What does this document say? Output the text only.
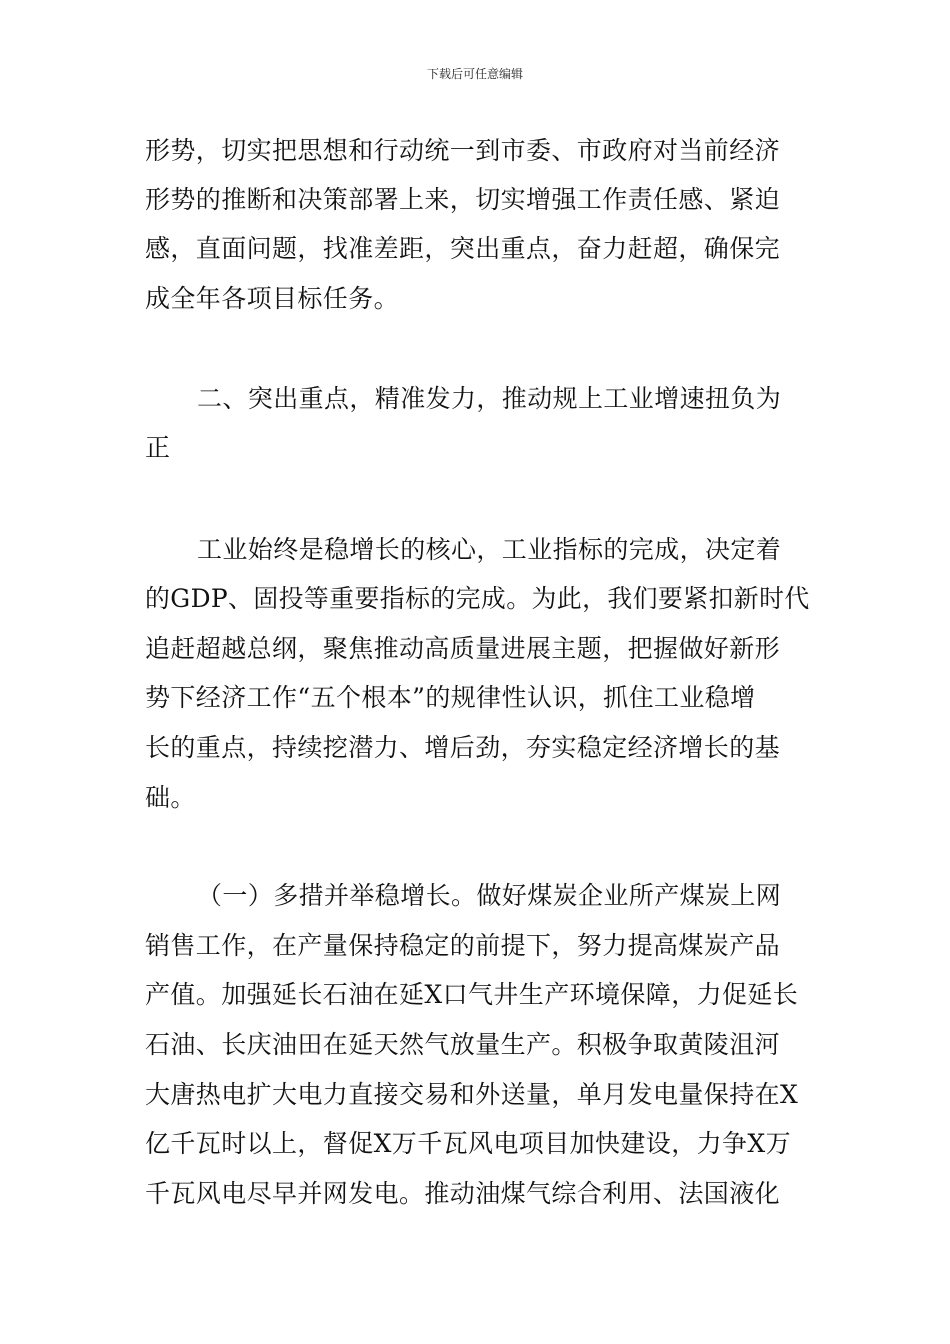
下载后可任意编辑
形势，切实把思想和行动统一到市委、市政府对当前经济
形势的推断和决策部署上来，切实增强工作责任感、紧迫
感，直面问题，找准差距，突出重点，奋力赶超，确保完
成全年各项目标任务。
二、突出重点，精准发力，推动规上工业增速扭负为
正
工业始终是稳增长的核心，工业指标的完成，决定着
的GDP、固投等重要指标的完成。为此，我们要紧扣新时代
追赶超越总纲，聚焦推动高质量进展主题，把握做好新形
势下经济工作“五个根本”的规律性认识，抓住工业稳增
长的重点，持续挖潜力、增后劲，夯实稳定经济增长的基
础。
（一）多措并举稳增长。做好煤炭企业所产煤炭上网
销售工作，在产量保持稳定的前提下，努力提高煤炭产品
产值。加强延长石油在延X口气井生产环境保障，力促延长
石油、长庆油田在延天然气放量生产。积极争取黄陵沮河
大唐热电扩大电力直接交易和外送量，单月发电量保持在X
亿千瓦时以上，督促X万千瓦风电项目加快建设，力争X万
千瓦风电尽早并网发电。推动油煤气综合利用、法国液化
